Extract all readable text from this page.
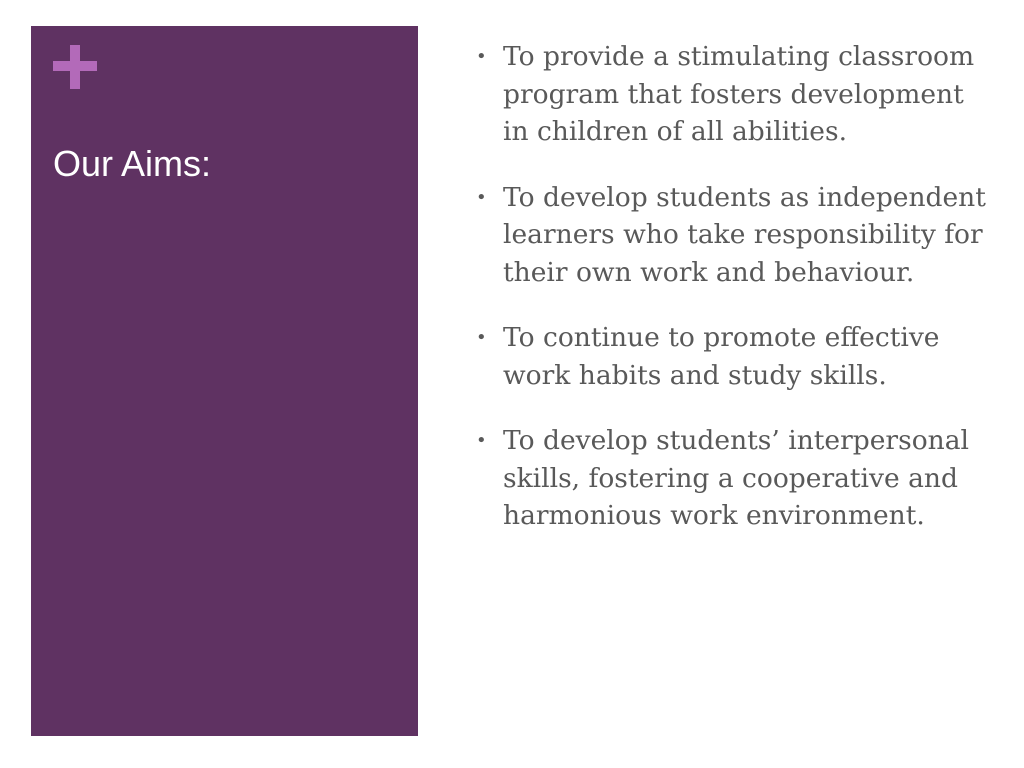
Our Aims:
• To provide a stimulating classroom program that fosters development in children of all abilities.
• To develop students as independent learners who take responsibility for their own work and behaviour.
• To continue to promote effective work habits and study skills.
• To develop students’ interpersonal skills, fostering a cooperative and harmonious work environment.
